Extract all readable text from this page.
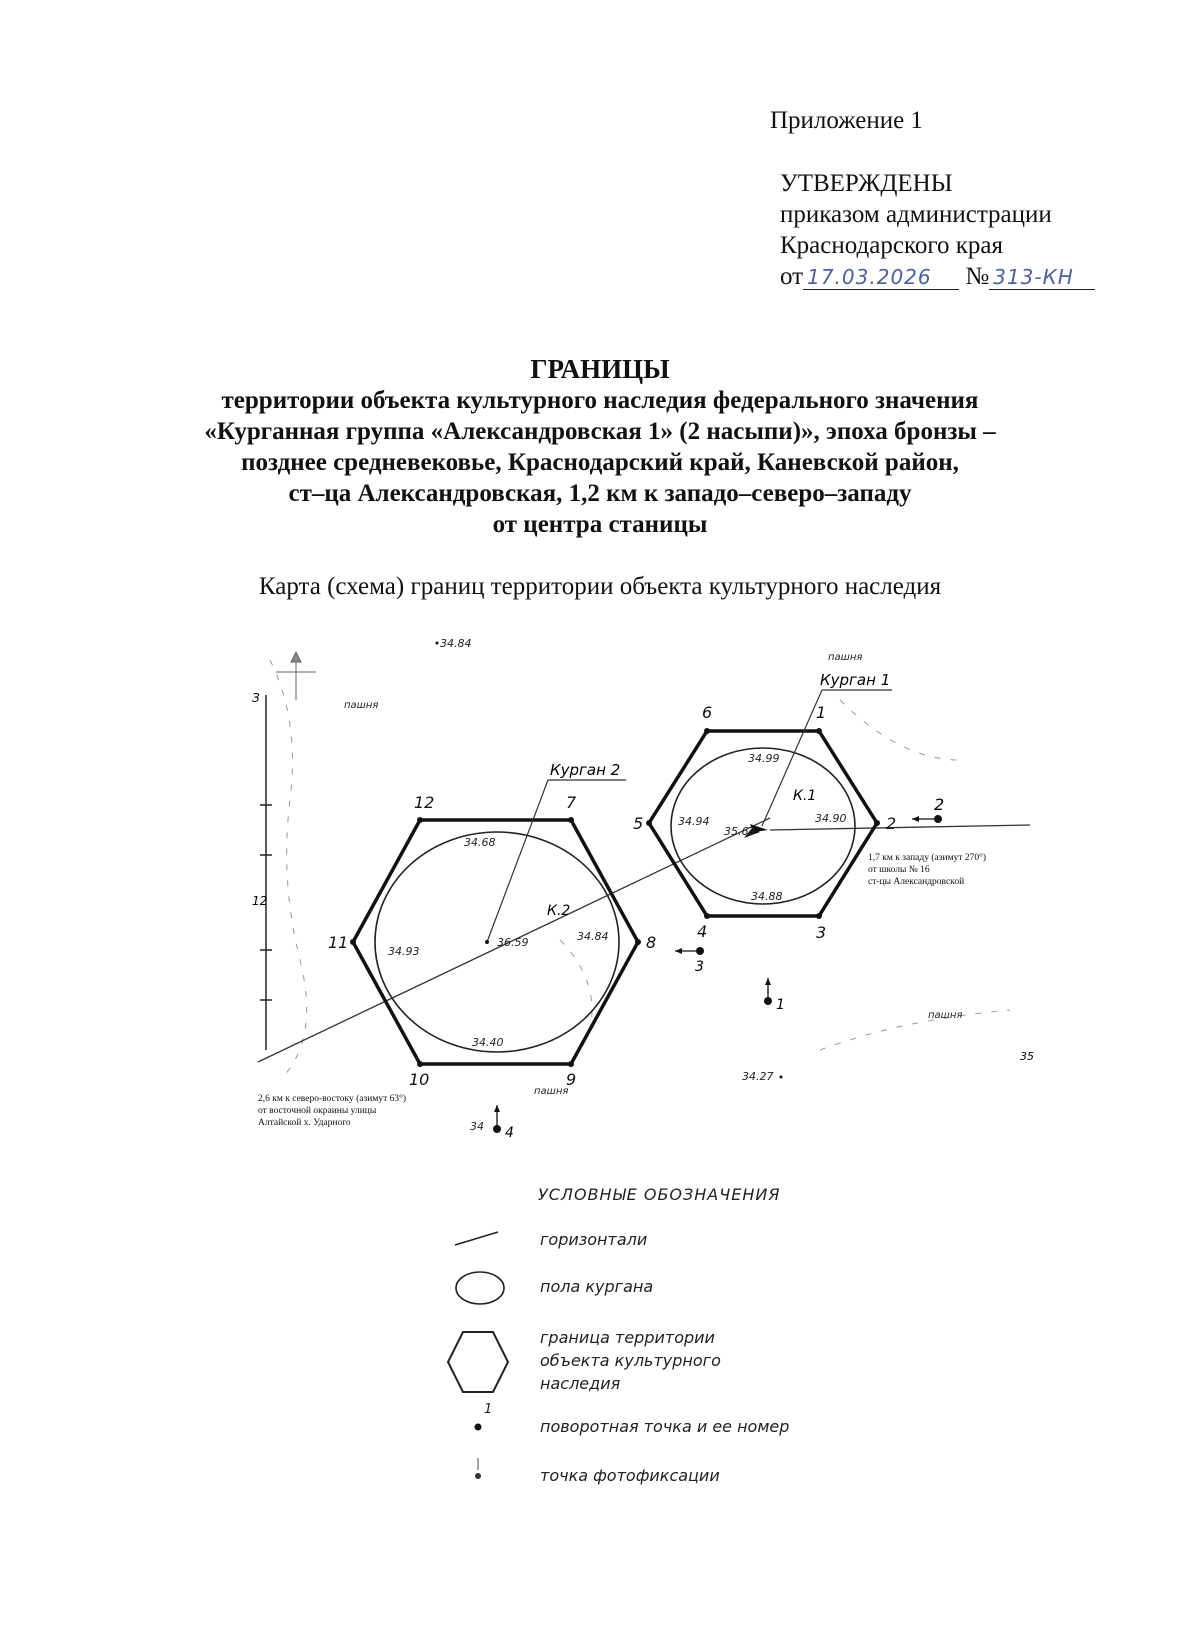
Приложение 1
УТВЕРЖДЕНЫ
приказом администрации
Краснодарского края
от 17.03.2026 № 313-КН
ГРАНИЦЫ
территории объекта культурного наследия федерального значения
«Курганная группа «Александровская 1» (2 насыпи)», эпоха бронзы –
позднее средневековье, Краснодарский край, Каневской район,
ст–ца Александровская, 1,2 км к западо–северо–западу
от центра станицы
Карта (схема) границ территории объекта культурного наследия
З
12
Курган 1
Курган 2
К.1
К.2
34.84
34.99
34.94
35.63
34.90
34.88
34.68
34.93
36.59	34.84
34.40
34.27
34
1
2
3
4
5
6
7
8
9
10
11
12
1
2
3
4
пашня
пашня
пашня
пашня
35
1,7 км к западу (азимут 270°)
от школы № 16
ст-цы Александровской
2,6 км к северо-востоку (азимут 63°)
от восточной окраины улицы
Алтайской х. Ударного
УСЛОВНЫЕ ОБОЗНАЧЕНИЯ
горизонтали
пола кургана
граница территории
объекта культурного
наследия
1
поворотная точка и ее номер
точка фотофиксации
